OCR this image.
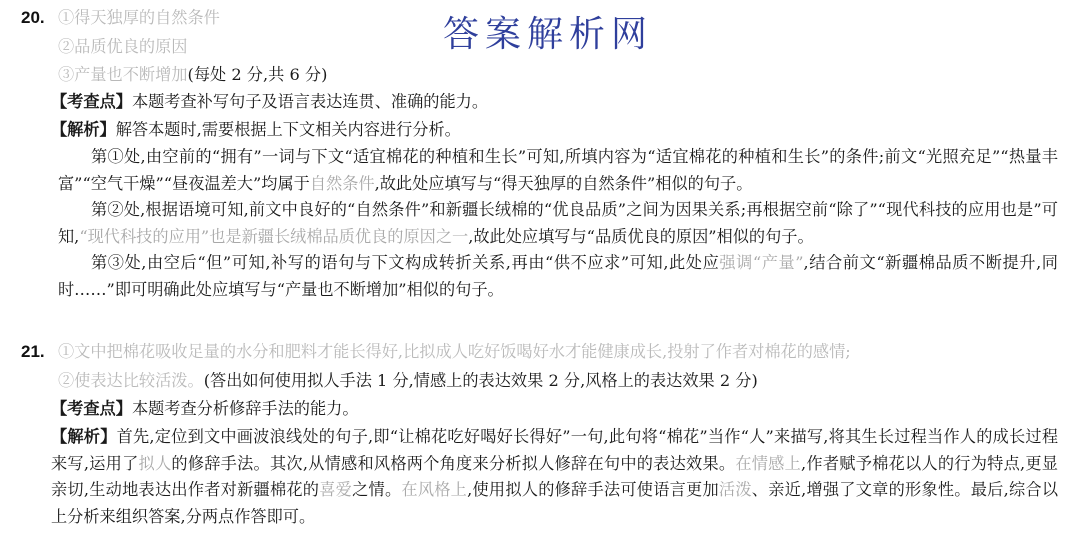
答案解析网
20. ①得天独厚的自然条件
②品质优良的原因
③产量也不断增加(每处 2 分,共 6 分)
【考查点】本题考查补写句子及语言表达连贯、准确的能力。
【解析】解答本题时,需要根据上下文相关内容进行分析。

第①处,由空前的“拥有”一词与下文“适宜棉花的种植和生长”可知,所填内容为“适宜棉花的种植和生长”的条件;前文“光照充足”“热量丰富”“空气干燥”“昼夜温差大”均属于自然条件,故此处应填写与“得天独厚的自然条件”相似的句子。

第②处,根据语境可知,前文中良好的“自然条件”和新疆长绒棉的“优良品质”之间为因果关系;再根据空前“除了”“现代科技的应用也是”可知,“现代科技的应用”也是新疆长绒棉品质优良的原因之一,故此处应填写与“品质优良的原因”相似的句子。

第③处,由空后“但”可知,补写的语句与下文构成转折关系,再由“供不应求”可知,此处应强调“产量”,结合前文“新疆棉品质不断提升,同时……”即可明确此处应填写与“产量也不断增加”相似的句子。

21. ①文中把棉花吸收足量的水分和肥料才能长得好,比拟成人吃好饭喝好水才能健康成长,投射了作者对棉花的感情;
②使表达比较活泼。(答出如何使用拟人手法 1 分,情感上的表达效果 2 分,风格上的表达效果 2 分)
【考查点】本题考查分析修辞手法的能力。

【解析】首先,定位到文中画波浪线处的句子,即“让棉花吃好喝好长得好”一句,此句将“棉花”当作“人”来描写,将其生长过程当作人的成长过程来写,运用了拟人的修辞手法。其次,从情感和风格两个角度来分析拟人修辞在句中的表达效果。在情感上,作者赋予棉花以人的行为特点,更显亲切,生动地表达出作者对新疆棉花的喜爱之情。在风格上,使用拟人的修辞手法可使语言更加活泼、亲近,增强了文章的形象性。最后,综合以上分析来组织答案,分两点作答即可。
